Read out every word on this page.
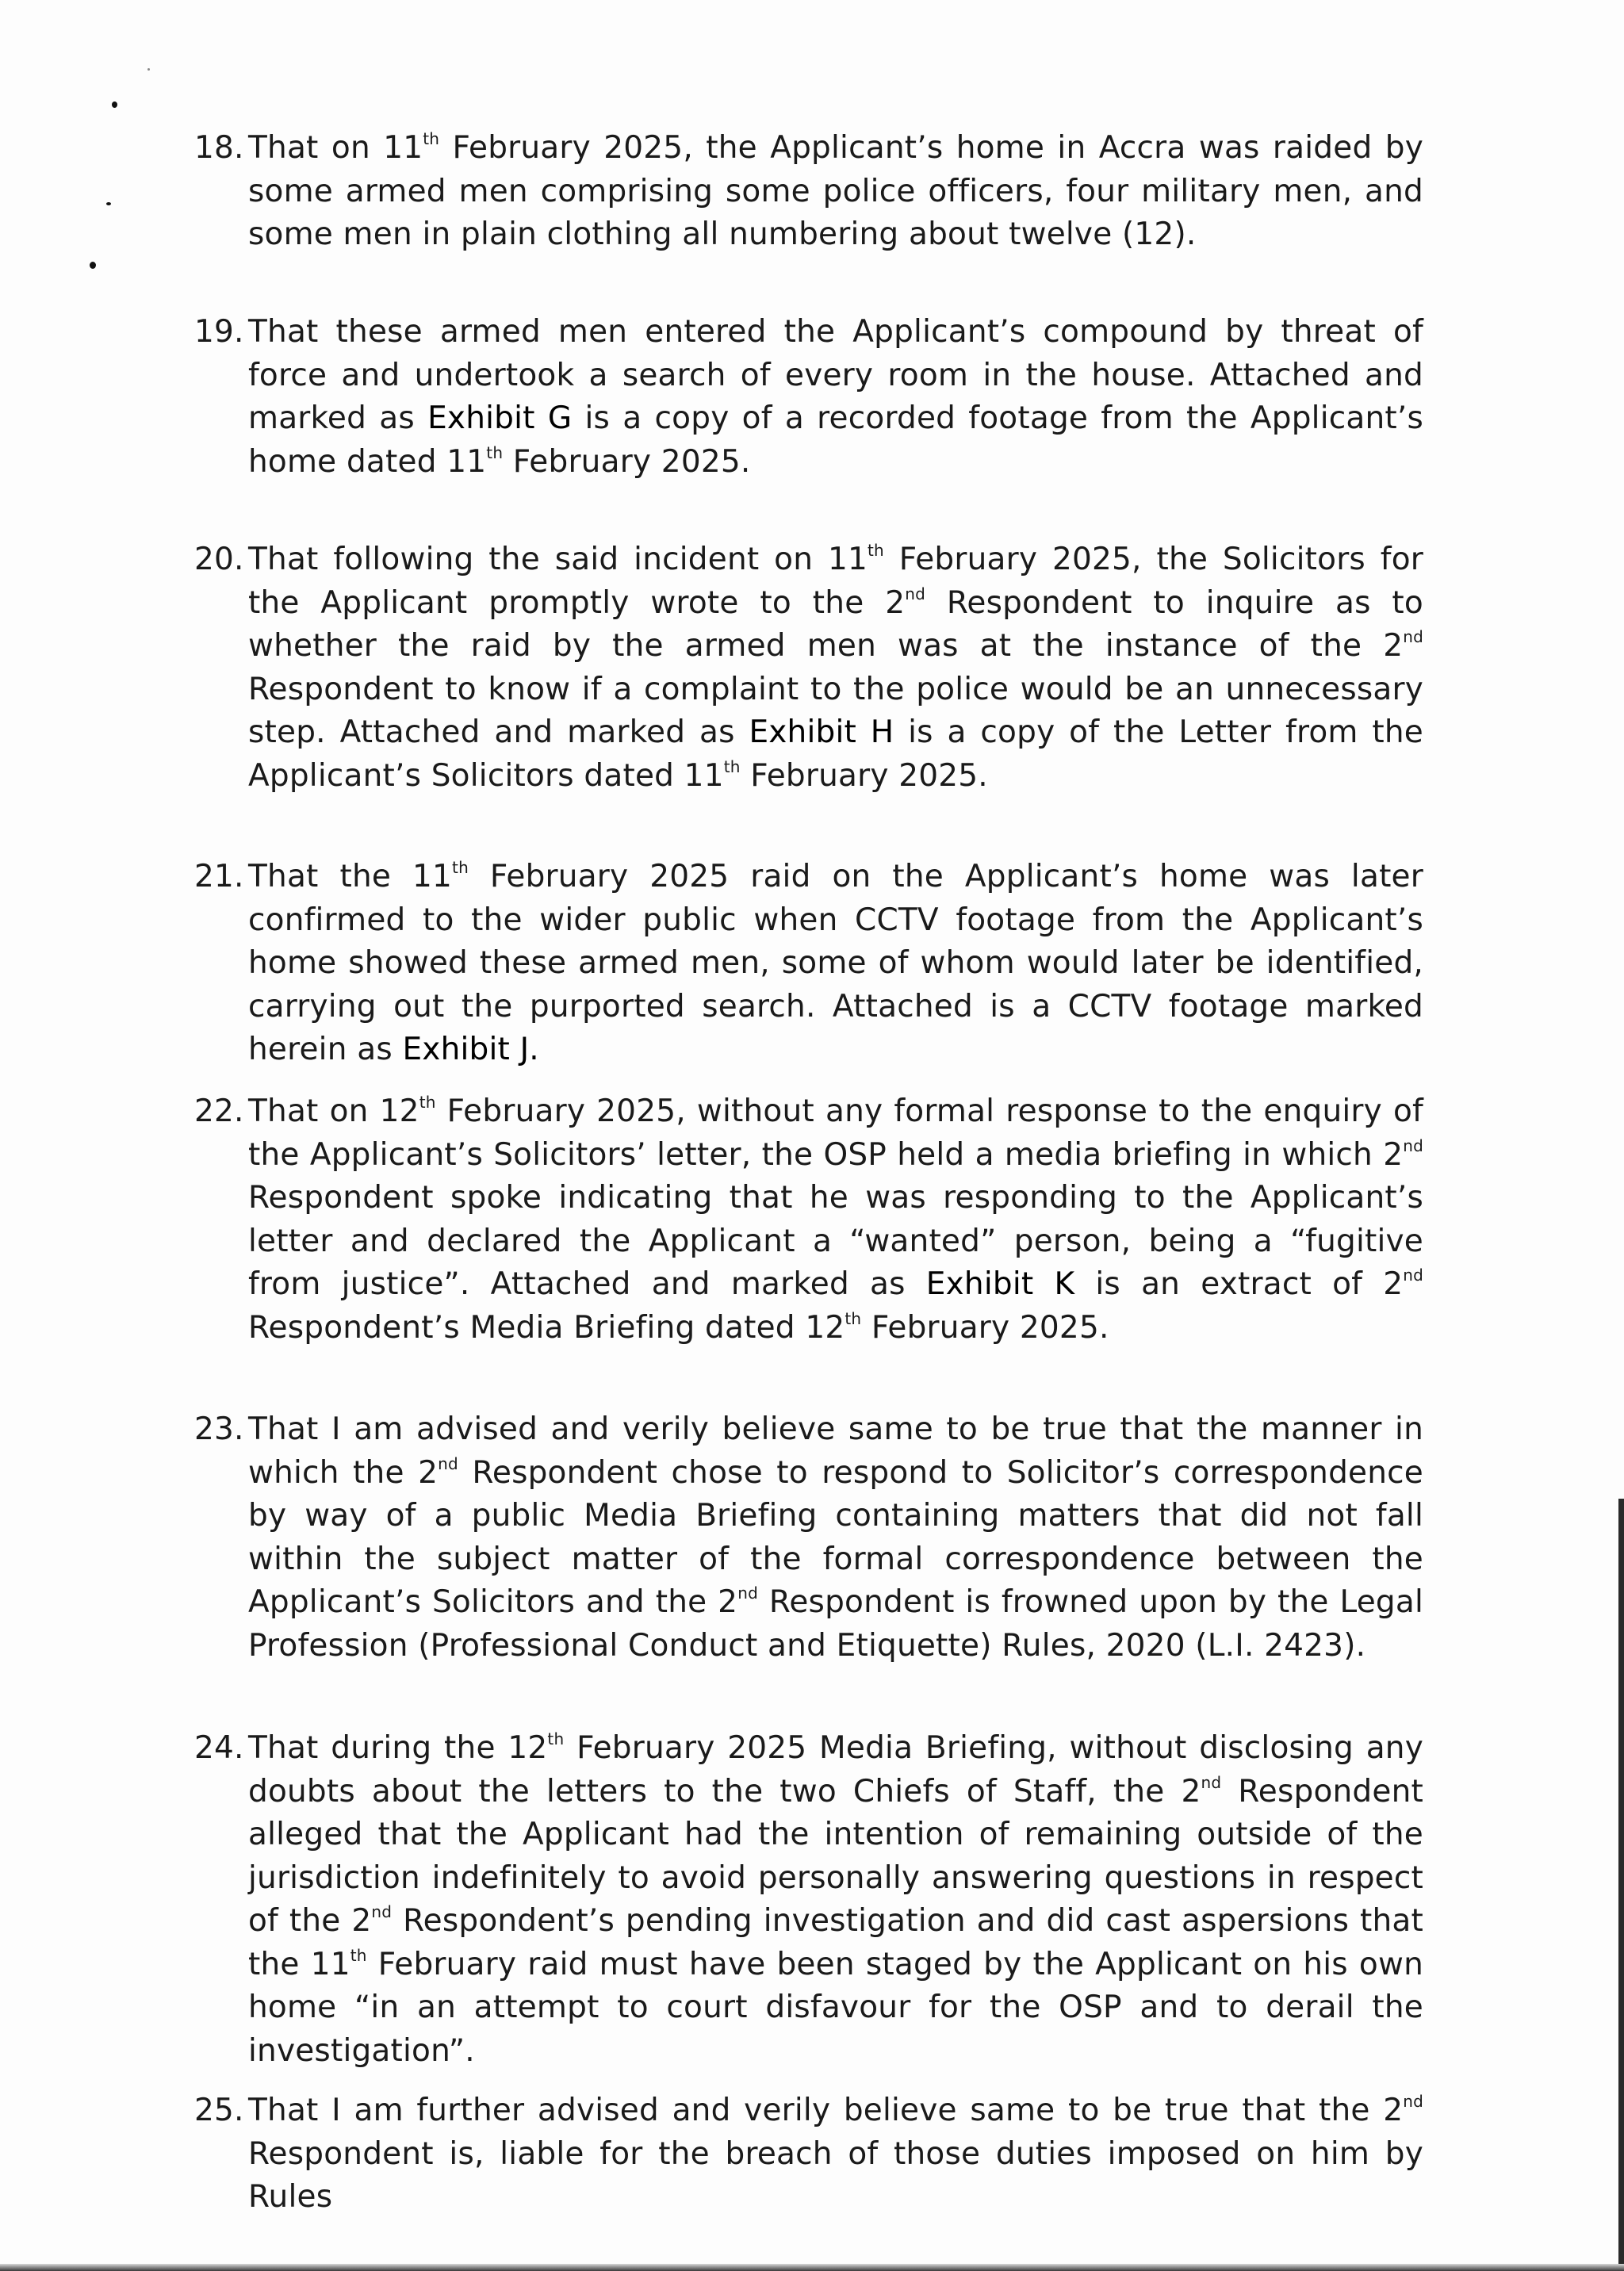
18. That on 11th February 2025, the Applicant’s home in Accra was raided by some armed men comprising some police officers, four military men, and some men in plain clothing all numbering about twelve (12).

19. That these armed men entered the Applicant’s compound by threat of force and undertook a search of every room in the house. Attached and marked as Exhibit G is a copy of a recorded footage from the Applicant’s home dated 11th February 2025.

20. That following the said incident on 11th February 2025, the Solicitors for the Applicant promptly wrote to the 2nd Respondent to inquire as to whether the raid by the armed men was at the instance of the 2nd Respondent to know if a complaint to the police would be an unnecessary step. Attached and marked as Exhibit H is a copy of the Letter from the Applicant’s Solicitors dated 11th February 2025.

21. That the 11th February 2025 raid on the Applicant’s home was later confirmed to the wider public when CCTV footage from the Applicant’s home showed these armed men, some of whom would later be identified, carrying out the purported search. Attached is a CCTV footage marked herein as Exhibit J.

22. That on 12th February 2025, without any formal response to the enquiry of the Applicant’s Solicitors’ letter, the OSP held a media briefing in which 2nd Respondent spoke indicating that he was responding to the Applicant’s letter and declared the Applicant a “wanted” person, being a “fugitive from justice”. Attached and marked as Exhibit K is an extract of 2nd Respondent’s Media Briefing dated 12th February 2025.

23. That I am advised and verily believe same to be true that the manner in which the 2nd Respondent chose to respond to Solicitor’s correspondence by way of a public Media Briefing containing matters that did not fall within the subject matter of the formal correspondence between the Applicant’s Solicitors and the 2nd Respondent is frowned upon by the Legal Profession (Professional Conduct and Etiquette) Rules, 2020 (L.I. 2423).

24. That during the 12th February 2025 Media Briefing, without disclosing any doubts about the letters to the two Chiefs of Staff, the 2nd Respondent alleged that the Applicant had the intention of remaining outside of the jurisdiction indefinitely to avoid personally answering questions in respect of the 2nd Respondent’s pending investigation and did cast aspersions that the 11th February raid must have been staged by the Applicant on his own home “in an attempt to court disfavour for the OSP and to derail the investigation”.

25. That I am further advised and verily believe same to be true that the 2nd Respondent is, liable for the breach of those duties imposed on him by Rules
